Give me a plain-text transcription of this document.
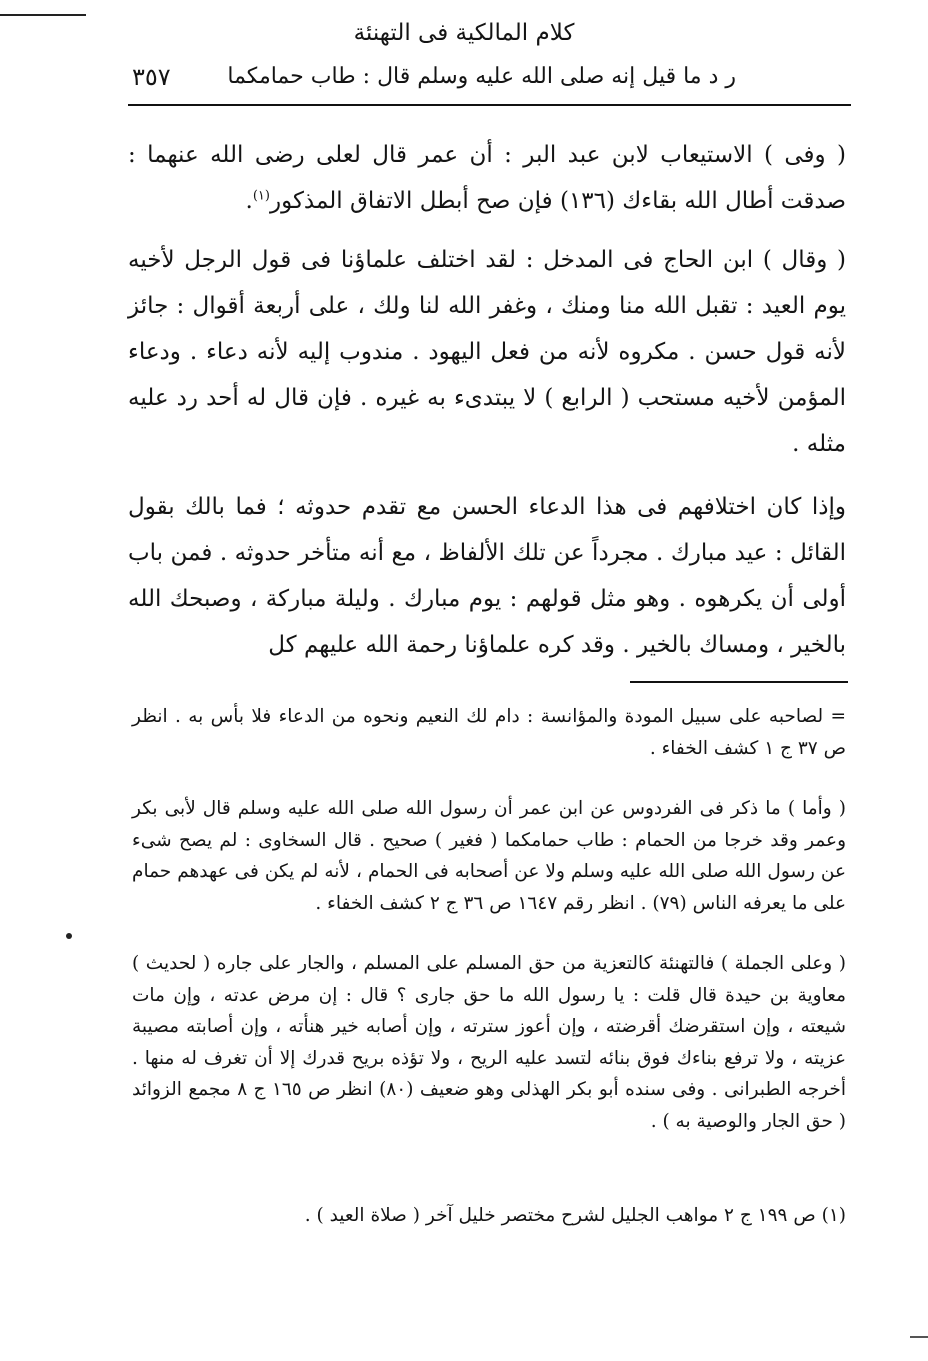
كلام المالكية فى التهنئة
ر د ما قيل إنه صلى الله عليه وسلم قال : طاب حمامكما
٣٥٧

( وفى ) الاستيعاب لابن عبد البر : أن عمر قال لعلى رضى الله عنهما : صدقت أطال الله بقاءك (١٣٦) فإن صح أبطل الاتفاق المذكور$^{(١)}$.

( وقال ) ابن الحاج فى المدخل : لقد اختلف علماؤنا فى قول الرجل لأخيه يوم العيد : تقبل الله منا ومنك ، وغفر الله لنا ولك ، على أربعة أقوال : جائز لأنه قول حسن . مكروه لأنه من فعل اليهود . مندوب إليه لأنه دعاء . ودعاء المؤمن لأخيه مستحب ( الرابع ) لا يبتدىء به غيره . فإن قال له أحد رد عليه مثله .

وإذا كان اختلافهم فى هذا الدعاء الحسن مع تقدم حدوثه ؛ فما بالك بقول القائل : عيد مبارك . مجرداً عن تلك الألفاظ ، مع أنه متأخر حدوثه . فمن باب أولى أن يكرهوه . وهو مثل قولهم : يوم مبارك . وليلة مباركة ، وصبحك الله بالخير ، ومساك بالخير . وقد كره علماؤنا رحمة الله عليهم كل

= لصاحبه على سبيل المودة والمؤانسة : دام لك النعيم ونحوه من الدعاء فلا بأس به . انظر ص ٣٧ ج ١ كشف الخفاء .

( وأما ) ما ذكر فى الفردوس عن ابن عمر أن رسول الله صلى الله عليه وسلم قال لأبى بكر وعمر وقد خرجا من الحمام : طاب حمامكما ( فغير ) صحيح . قال السخاوى : لم يصح شىء عن رسول الله صلى الله عليه وسلم ولا عن أصحابه فى الحمام ، لأنه لم يكن فى عهدهم حمام على ما يعرفه الناس (٧٩) . انظر رقم ١٦٤٧ ص ٣٦ ج ٢ كشف الخفاء .

( وعلى الجملة ) فالتهنئة كالتعزية من حق المسلم على المسلم ، والجار على جاره ( لحديث ) معاوية بن حيدة قال قلت : يا رسول الله ما حق جارى ؟ قال : إن مرض عدته ، وإن مات شيعته ، وإن استقرضك أقرضته ، وإن أعوز سترته ، وإن أصابه خير هنأته ، وإن أصابته مصيبة عزيته ، ولا ترفع بناءك فوق بنائه لتسد عليه الريح ، ولا تؤذه بريح قدرك إلا أن تغرف له منها . أخرجه الطبرانى . وفى سنده أبو بكر الهذلى وهو ضعيف (٨٠) انظر ص ١٦٥ ج ٨ مجمع الزوائد ( حق الجار والوصية به ) .

(١) ص ١٩٩ ج ٢ مواهب الجليل لشرح مختصر خليل آخر ( صلاة العيد ) .
